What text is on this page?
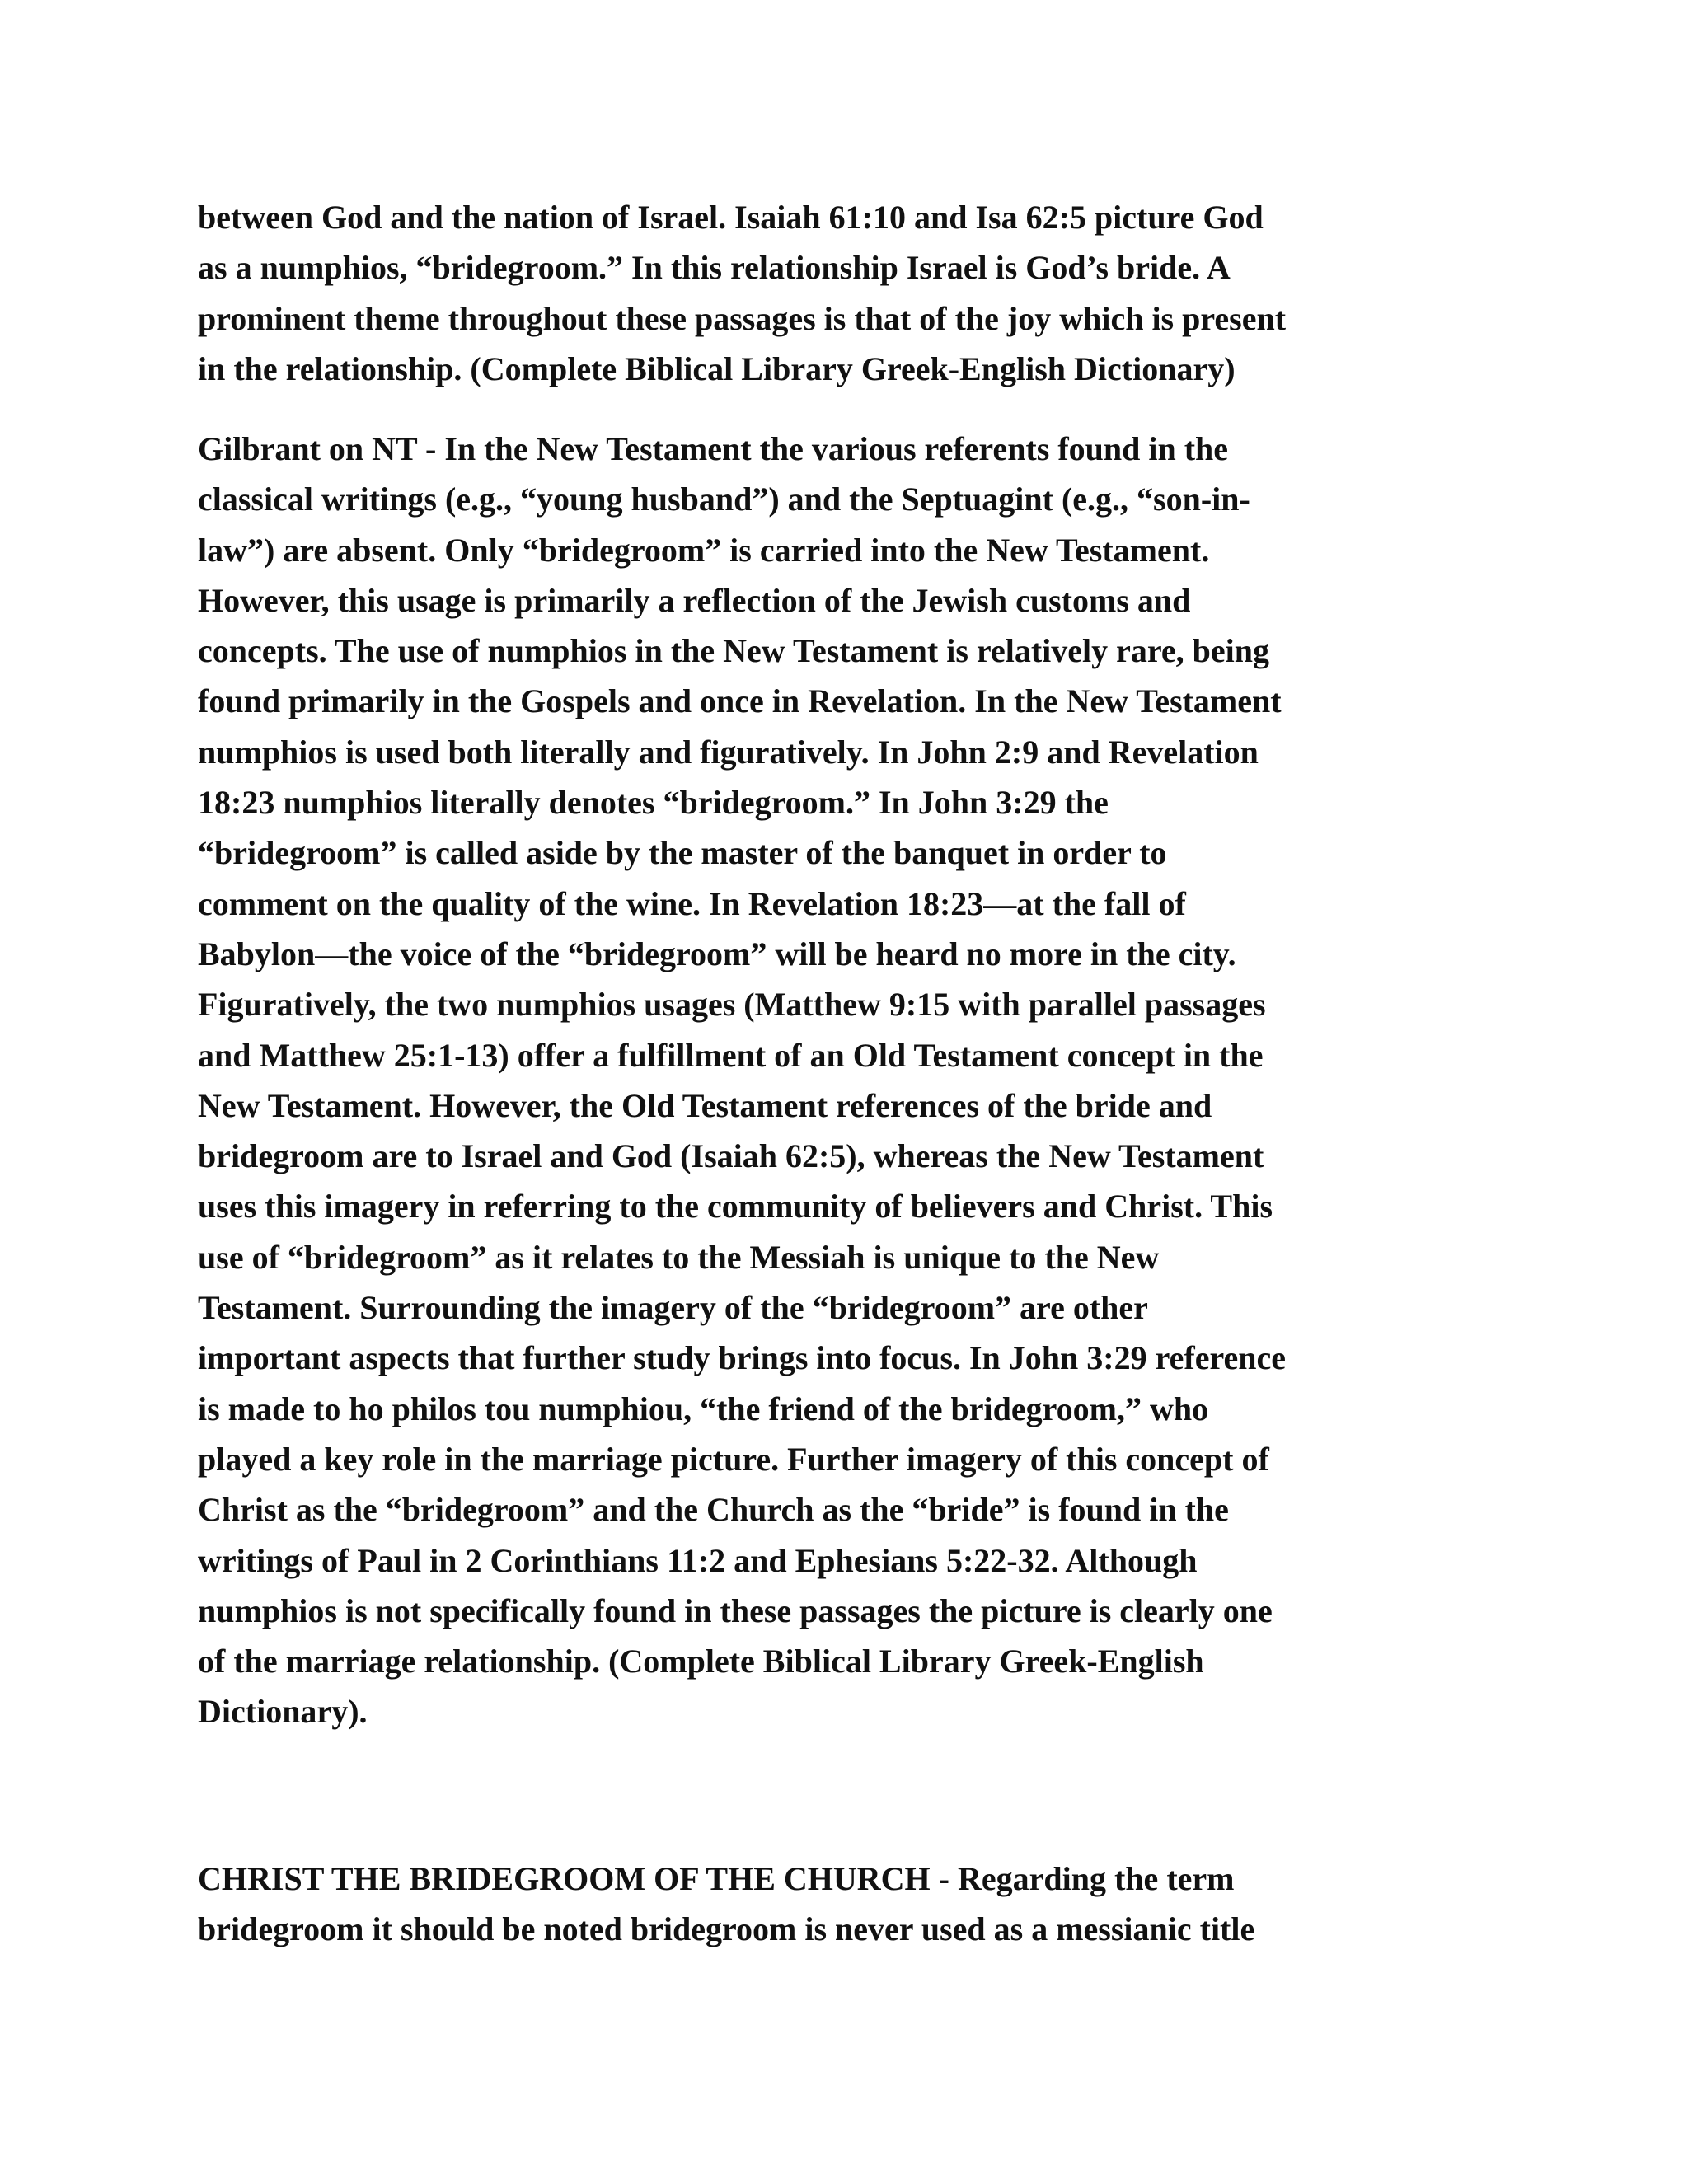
between God and the nation of Israel. Isaiah 61:10 and Isa 62:5 picture God
as a numphios, “bridegroom.” In this relationship Israel is God’s bride. A
prominent theme throughout these passages is that of the joy which is present
in the relationship. (Complete Biblical Library Greek-English Dictionary)

Gilbrant on NT - In the New Testament the various referents found in the
classical writings (e.g., “young husband”) and the Septuagint (e.g., “son-in-
law”) are absent. Only “bridegroom” is carried into the New Testament.
However, this usage is primarily a reflection of the Jewish customs and
concepts. The use of numphios in the New Testament is relatively rare, being
found primarily in the Gospels and once in Revelation. In the New Testament
numphios is used both literally and figuratively. In John 2:9 and Revelation
18:23 numphios literally denotes “bridegroom.” In John 3:29 the
“bridegroom” is called aside by the master of the banquet in order to
comment on the quality of the wine. In Revelation 18:23—at the fall of
Babylon—the voice of the “bridegroom” will be heard no more in the city.
Figuratively, the two numphios usages (Matthew 9:15 with parallel passages
and Matthew 25:1-13) offer a fulfillment of an Old Testament concept in the
New Testament. However, the Old Testament references of the bride and
bridegroom are to Israel and God (Isaiah 62:5), whereas the New Testament
uses this imagery in referring to the community of believers and Christ. This
use of “bridegroom” as it relates to the Messiah is unique to the New
Testament. Surrounding the imagery of the “bridegroom” are other
important aspects that further study brings into focus. In John 3:29 reference
is made to ho philos tou numphiou, “the friend of the bridegroom,” who
played a key role in the marriage picture. Further imagery of this concept of
Christ as the “bridegroom” and the Church as the “bride” is found in the
writings of Paul in 2 Corinthians 11:2 and Ephesians 5:22-32. Although
numphios is not specifically found in these passages the picture is clearly one
of the marriage relationship. (Complete Biblical Library Greek-English
Dictionary).

CHRIST THE BRIDEGROOM OF THE CHURCH - Regarding the term
bridegroom it should be noted bridegroom is never used as a messianic title
